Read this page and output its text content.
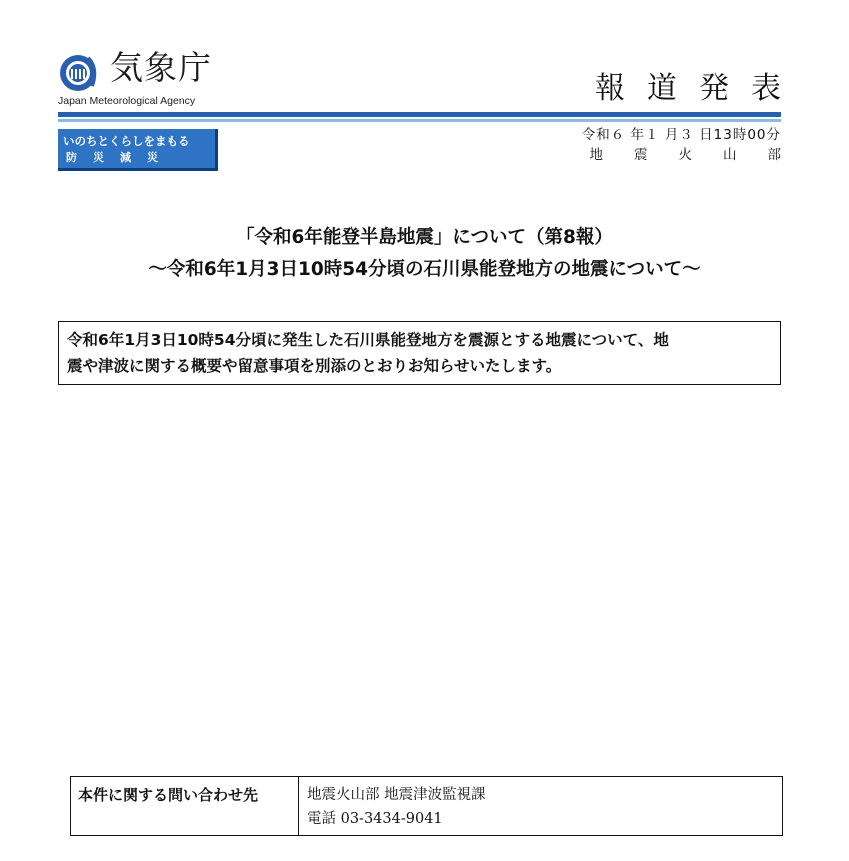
気象庁
Japan Meteorological Agency	報道発表
いのちとくらしをまもる
防災減災
令和６ 年１ 月３ 日13時00分
地震火山部
「令和6年能登半島地震」について（第8報）
～令和6年1月3日10時54分頃の石川県能登地方の地震について～
令和6年1月3日10時54分頃に発生した石川県能登地方を震源とする地震について、地
震や津波に関する概要や留意事項を別添のとおりお知らせいたします。
本件に関する問い合わせ先	地震火山部 地震津波監視課
電話 03-3434-9041
